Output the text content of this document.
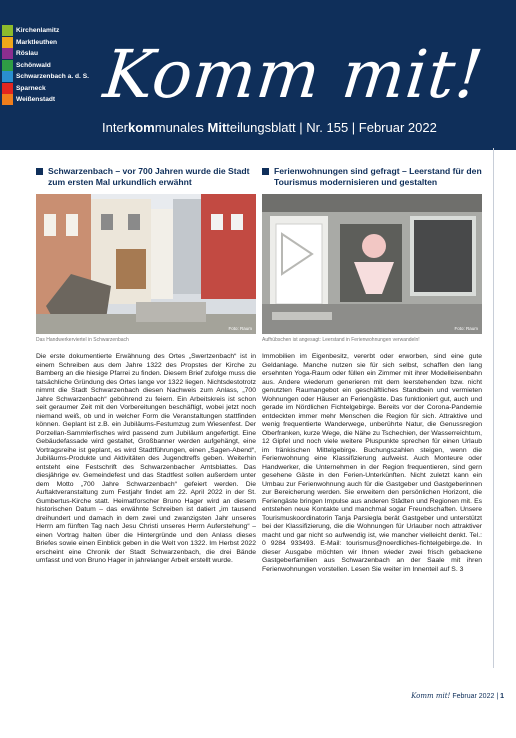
Kirchenlamitz
Marktleuthen
Röslau
Schönwald
Schwarzenbach a. d. S.
Sparneck
Weißenstadt Komm mit!
Interkommunales Mitteilungsblatt | Nr. 155 | Februar 2022
Schwarzenbach – vor 700 Jahren wurde die Stadt zum ersten Mal urkundlich erwähnt
Foto: Raum
Das Handwerkerviertel in Schwarzenbach
Die erste dokumentierte Erwähnung des Ortes „Swertzenbach“ ist in einem Schreiben aus dem Jahre 1322 des Propstes der Kirche zu Bamberg an die hiesige Pfarrei zu finden. Diesem Brief zufolge muss die tatsächliche Gründung des Ortes lange vor 1322 liegen. Nichtsdestotrotz nimmt die Stadt Schwarzenbach diesen Nachweis zum Anlass, „700 Jahre Schwarzenbach“ gebührend zu feiern. Ein Arbeitskreis ist schon seit geraumer Zeit mit den Vorbereitungen beschäftigt, wobei jetzt noch niemand weiß, ob und in welcher Form die Veranstaltungen stattfinden können. Geplant ist z.B. ein Jubiläums-Festumzug zum Wiesenfest. Der Porzellan-Sammlerfisches wird passend zum Jubiläum angefertigt. Eine Gebäudefassade wird gestaltet, Großbanner werden aufgehängt, eine Vortragsreihe ist geplant, es wird Stadtführungen, einen „Sagen-Abend“, Jubiläums-Produkte und Aktivitäten des Jugendtreffs geben. Weiterhin entsteht eine Festschrift des Schwarzenbacher Amtsblattes. Das diesjährige ev. Gemeindefest und das Stadtfest sollen außerdem unter dem Motto „700 Jahre Schwarzenbach“ gefeiert werden. Die Auftaktveranstaltung zum Festjahr findet am 22. April 2022 in der St. Gumbertus-Kirche statt. Heimatforscher Bruno Hager wird an diesem historischen Datum – das erwähnte Schreiben ist datiert „im tausend dreihundert und damach in dem zwei und zwanzigsten Jahr unseres Herrn am fünften Tag nach Jesu Christi unseres Herrn Auferstehung“ – einen Vortrag halten über die Hintergründe und den Anlass dieses Briefes sowie einen Einblick geben in die Welt von 1322. Im Herbst 2022 erscheint eine Chronik der Stadt Schwarzenbach, die drei Bände umfasst und von Bruno Hager in jahrelanger Arbeit erstellt wurde.
Ferienwohnungen sind gefragt – Leerstand für den Tourismus modernisieren und gestalten
Foto: Raum
Aufhübschen ist angesagt: Leerstand in Ferienwohnungen verwandeln!
Immobilien im Eigenbesitz, vererbt oder erworben, sind eine gute Geldanlage. Manche nutzen sie für sich selbst, schaffen den lang ersehnten Yoga-Raum oder füllen ein Zimmer mit ihrer Modelleisenbahn aus. Andere wiederum generieren mit dem leerstehenden bzw. nicht genutzten Raumangebot ein geschäftliches Standbein und vermieten Wohnungen oder Häuser an Feriengäste. Das funktioniert gut, auch und gerade im Nördlichen Fichtelgebirge. Bereits vor der Corona-Pandemie entdeckten immer mehr Menschen die Region für sich. Attraktive und wenig frequentierte Wanderwege, unberührte Natur, die Genussregion Oberfranken, kurze Wege, die Nähe zu Tschechien, der Wasserreichtum, 12 Gipfel und noch viele weitere Pluspunkte sprechen für einen Urlaub im fränkischen Mittelgebirge. Buchungszahlen steigen, wenn die Ferienwohnung eine Klassifizierung aufweist. Auch Monteure oder Handwerker, die Unternehmen in der Region frequentieren, sind gern gesehene Gäste in den Ferien-Unterkünften. Nicht zuletzt kann ein Umbau zur Ferienwohnung auch für die Gastgeber und Gastgeberinnen zur Bereicherung werden. Sie erweitern den persönlichen Horizont, die Feriengäste bringen Impulse aus anderen Städten und Regionen mit. Es entstehen neue Kontakte und manchmal sogar Freundschaften. Unsere Tourismuskoordinatorin Tanja Parsiegla berät Gastgeber und unterstützt bei der Klassifizierung, die die Wohnungen für Urlauber noch attraktiver macht und gar nicht so aufwendig ist, wie mancher vielleicht denkt. Tel.: 0 9284 933493. E-Mail: tourismus@noerdliches-fichtelgebirge.de. In dieser Ausgabe möchten wir Ihnen wieder zwei frisch gebackene Gastgeberfamilien aus Schwarzenbach an der Saale mit ihren Ferienwohnungen vorstellen. Lesen Sie weiter im Innenteil auf S. 3
Komm mit! Februar 2022 | 1
